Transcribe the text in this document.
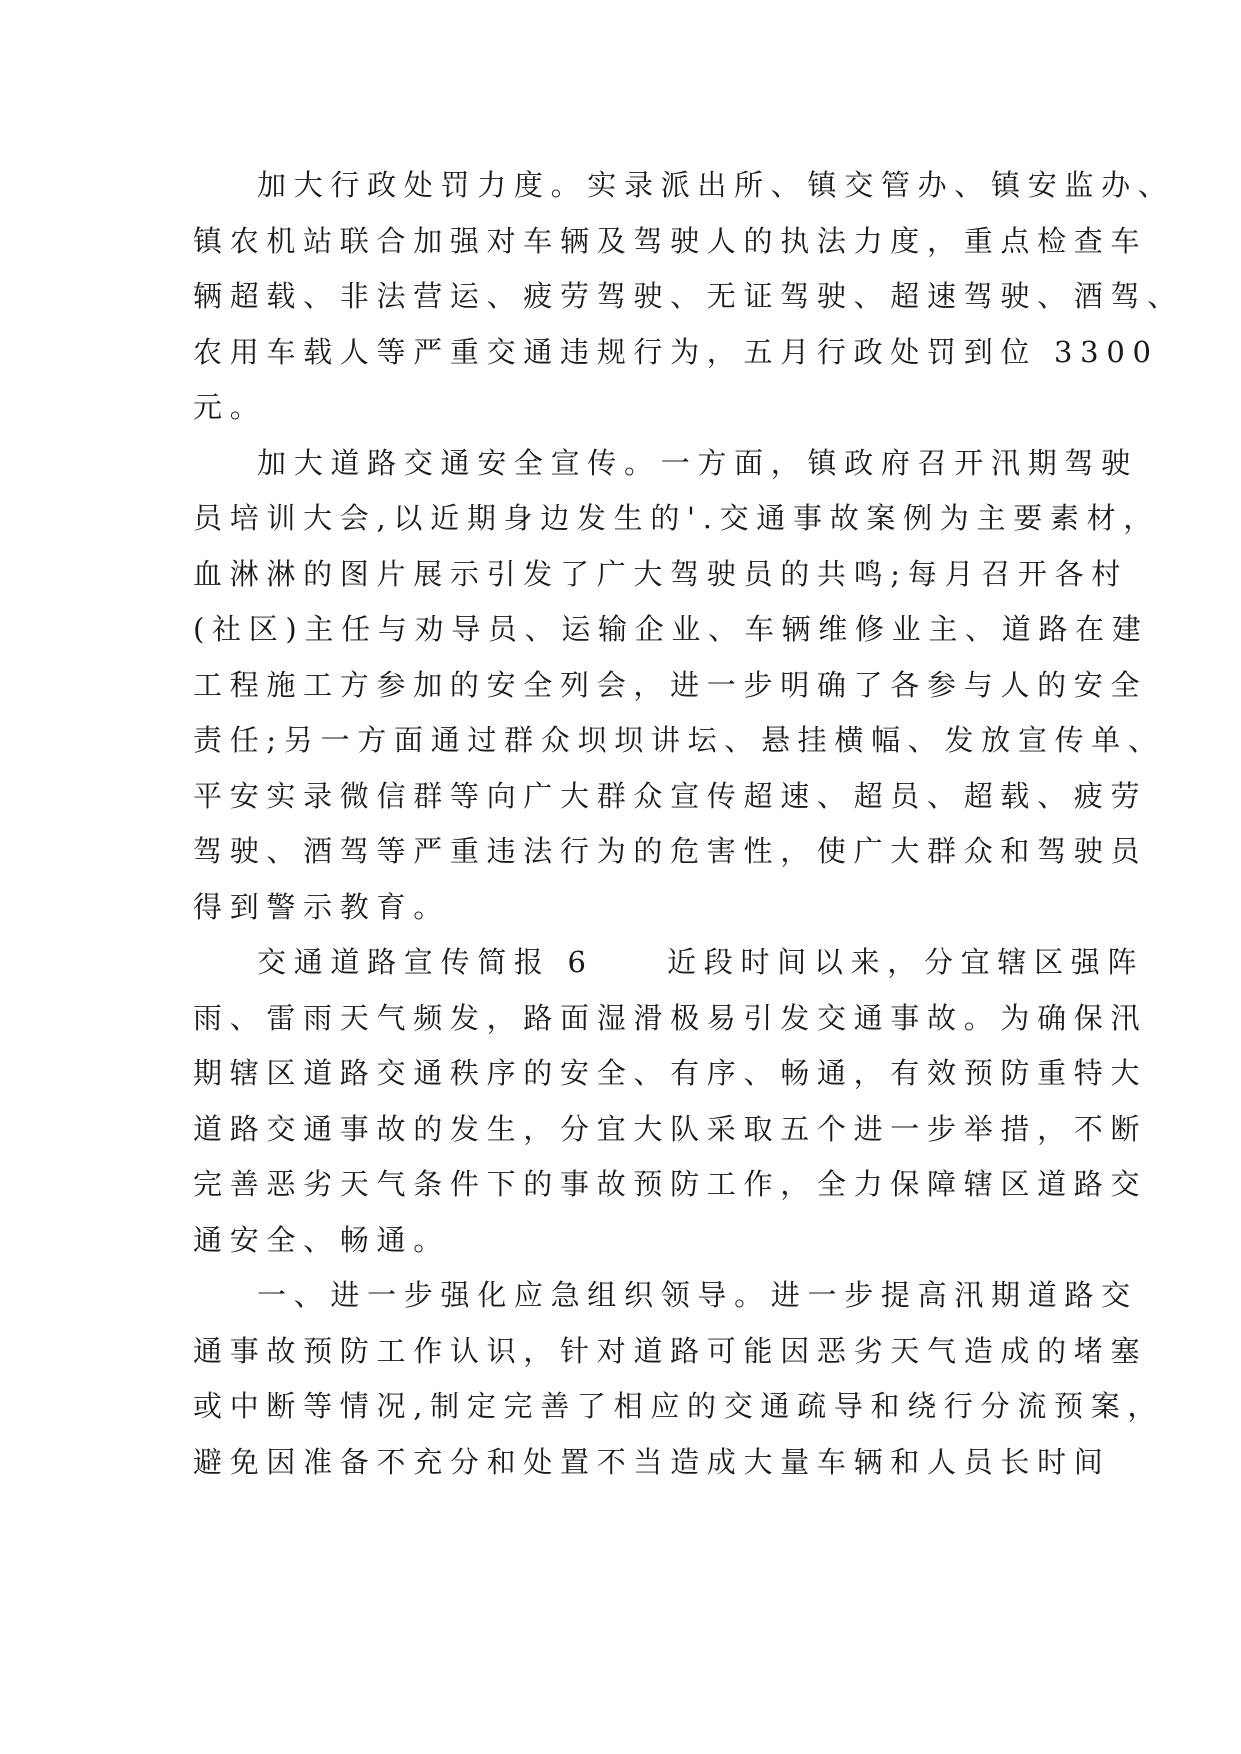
加大行政处罚力度。实录派出所、镇交管办、镇安监办、
镇农机站联合加强对车辆及驾驶人的执法力度，重点检查车
辆超载、非法营运、疲劳驾驶、无证驾驶、超速驾驶、酒驾、
农用车载人等严重交通违规行为，五月行政处罚到位 3300
元。

加大道路交通安全宣传。一方面，镇政府召开汛期驾驶
员培训大会,以近期身边发生的'.交通事故案例为主要素材，
血淋淋的图片展示引发了广大驾驶员的共鸣;每月召开各村
(社区)主任与劝导员、运输企业、车辆维修业主、道路在建
工程施工方参加的安全列会，进一步明确了各参与人的安全
责任;另一方面通过群众坝坝讲坛、悬挂横幅、发放宣传单、
平安实录微信群等向广大群众宣传超速、超员、超载、疲劳
驾驶、酒驾等严重违法行为的危害性，使广大群众和驾驶员
得到警示教育。

交通道路宣传简报 6　　近段时间以来，分宜辖区强阵
雨、雷雨天气频发，路面湿滑极易引发交通事故。为确保汛
期辖区道路交通秩序的安全、有序、畅通，有效预防重特大
道路交通事故的发生，分宜大队采取五个进一步举措，不断
完善恶劣天气条件下的事故预防工作，全力保障辖区道路交
通安全、畅通。

一、进一步强化应急组织领导。进一步提高汛期道路交
通事故预防工作认识，针对道路可能因恶劣天气造成的堵塞
或中断等情况,制定完善了相应的交通疏导和绕行分流预案，
避免因准备不充分和处置不当造成大量车辆和人员长时间
